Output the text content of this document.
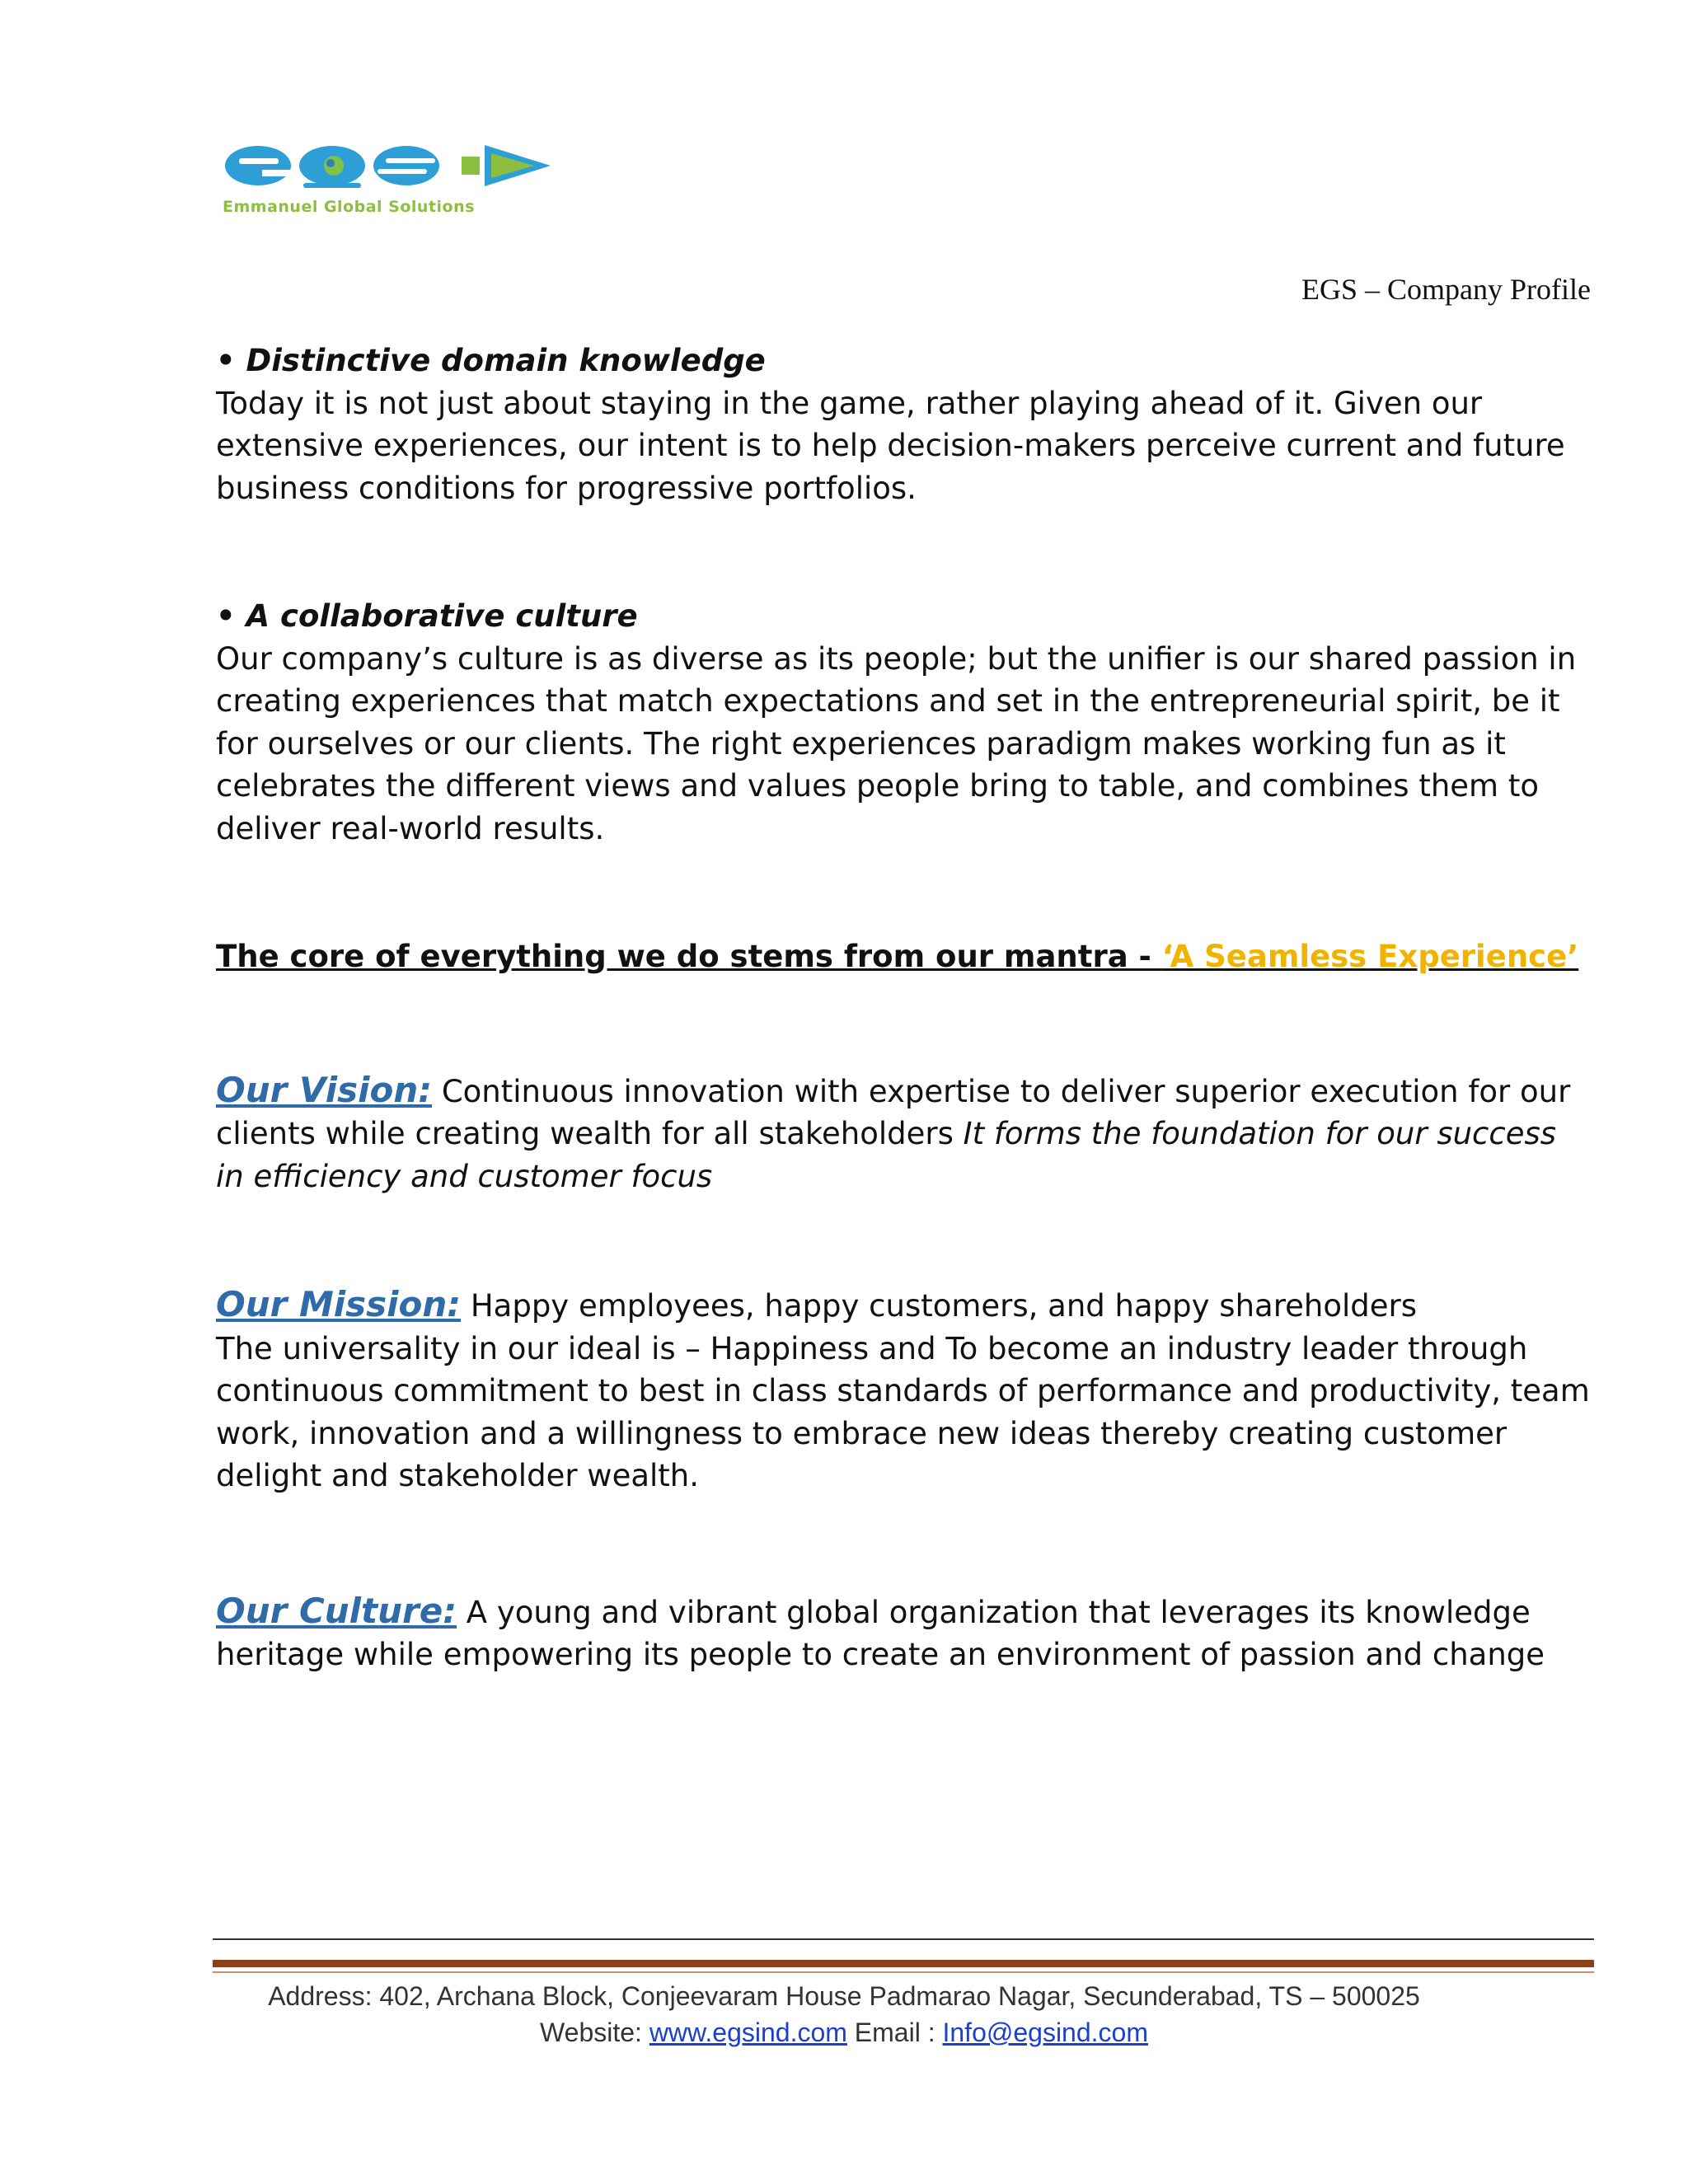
Emmanuel Global Solutions
EGS – Company Profile
• Distinctive domain knowledge
Today it is not just about staying in the game, rather playing ahead of it. Given our
extensive experiences, our intent is to help decision-makers perceive current and future
business conditions for progressive portfolios.
• A collaborative culture
Our company’s culture is as diverse as its people; but the unifier is our shared passion in
creating experiences that match expectations and set in the entrepreneurial spirit, be it
for ourselves or our clients. The right experiences paradigm makes working fun as it
celebrates the different views and values people bring to table, and combines them to
deliver real-world results.
The core of everything we do stems from our mantra - ‘A Seamless Experience’
Our Vision: Continuous innovation with expertise to deliver superior execution for our
clients while creating wealth for all stakeholders It forms the foundation for our success
in efficiency and customer focus
Our Mission: Happy employees, happy customers, and happy shareholders
The universality in our ideal is – Happiness and To become an industry leader through
continuous commitment to best in class standards of performance and productivity, team
work, innovation and a willingness to embrace new ideas thereby creating customer
delight and stakeholder wealth.
Our Culture: A young and vibrant global organization that leverages its knowledge
heritage while empowering its people to create an environment of passion and change
Address: 402, Archana Block, Conjeevaram House Padmarao Nagar, Secunderabad, TS – 500025
Website: www.egsind.com Email : Info@egsind.com
